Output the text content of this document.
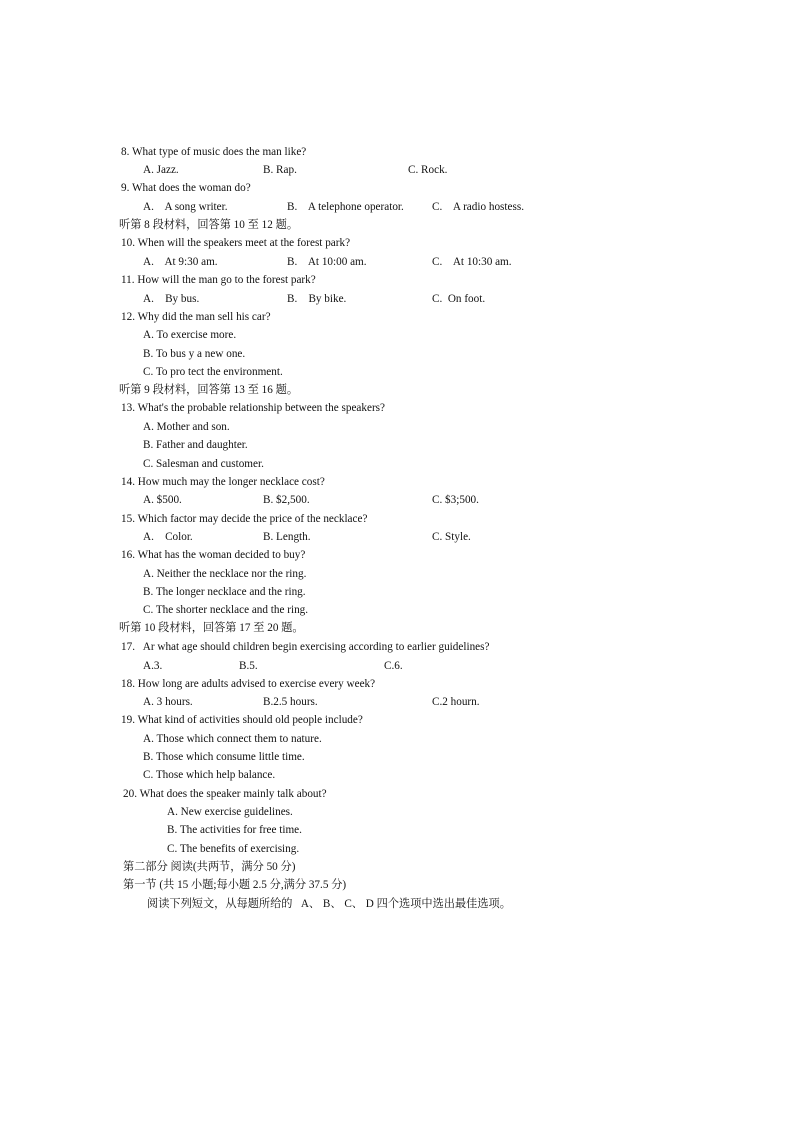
8. What type of music does the man like?
A. Jazz.	B. Rap.	C. Rock.
9. What does the woman do?
A.    A song writer.	B.    A telephone operator.	C.    A radio hostess.
听第 8 段材料，回答第 10 至 12 题。
10. When will the speakers meet at the forest park?
A.    At 9:30 am.	B.    At 10:00 am.	C.    At 10:30 am.
11. How will the man go to the forest park?
A.    By bus.	B.    By bike.	C.  On foot.
12. Why did the man sell his car?
A. To exercise more.
B. To bus y a new one.
C. To pro tect the environment.
听第 9 段材料，回答第 13 至 16 题。
13. What's the probable relationship between the speakers?
A. Mother and son.
B. Father and daughter.
C. Salesman and customer.
14. How much may the longer necklace cost?
A. $500.	B. $2,500.	C. $3;500.
15. Which factor may decide the price of the necklace?
A.    Color.	B. Length.	C. Style.
16. What has the woman decided to buy?
A. Neither the necklace nor the ring.
B. The longer necklace and the ring.
C. The shorter necklace and the ring.
听第 10 段材料，回答第 17 至 20 题。
17.   Ar what age should children begin exercising according to earlier guidelines?
A.3.	B.5.	C.6.
18. How long are adults advised to exercise every week?
A. 3 hours.	B.2.5 hours.	C.2 hourn.
19. What kind of activities should old people include?
A. Those which connect them to nature.
B. Those which consume little time.
C. Those which help balance.
20. What does the speaker mainly talk about?
A. New exercise guidelines.
B. The activities for free time.
C. The benefits of exercising.
第二部分 阅读(共两节，满分 50 分)
第一节 (共 15 小题;每小题 2.5 分,满分 37.5 分)
阅读下列短文，从每题所给的   A、 B、 C、 D 四个选项中选出最佳选项。
